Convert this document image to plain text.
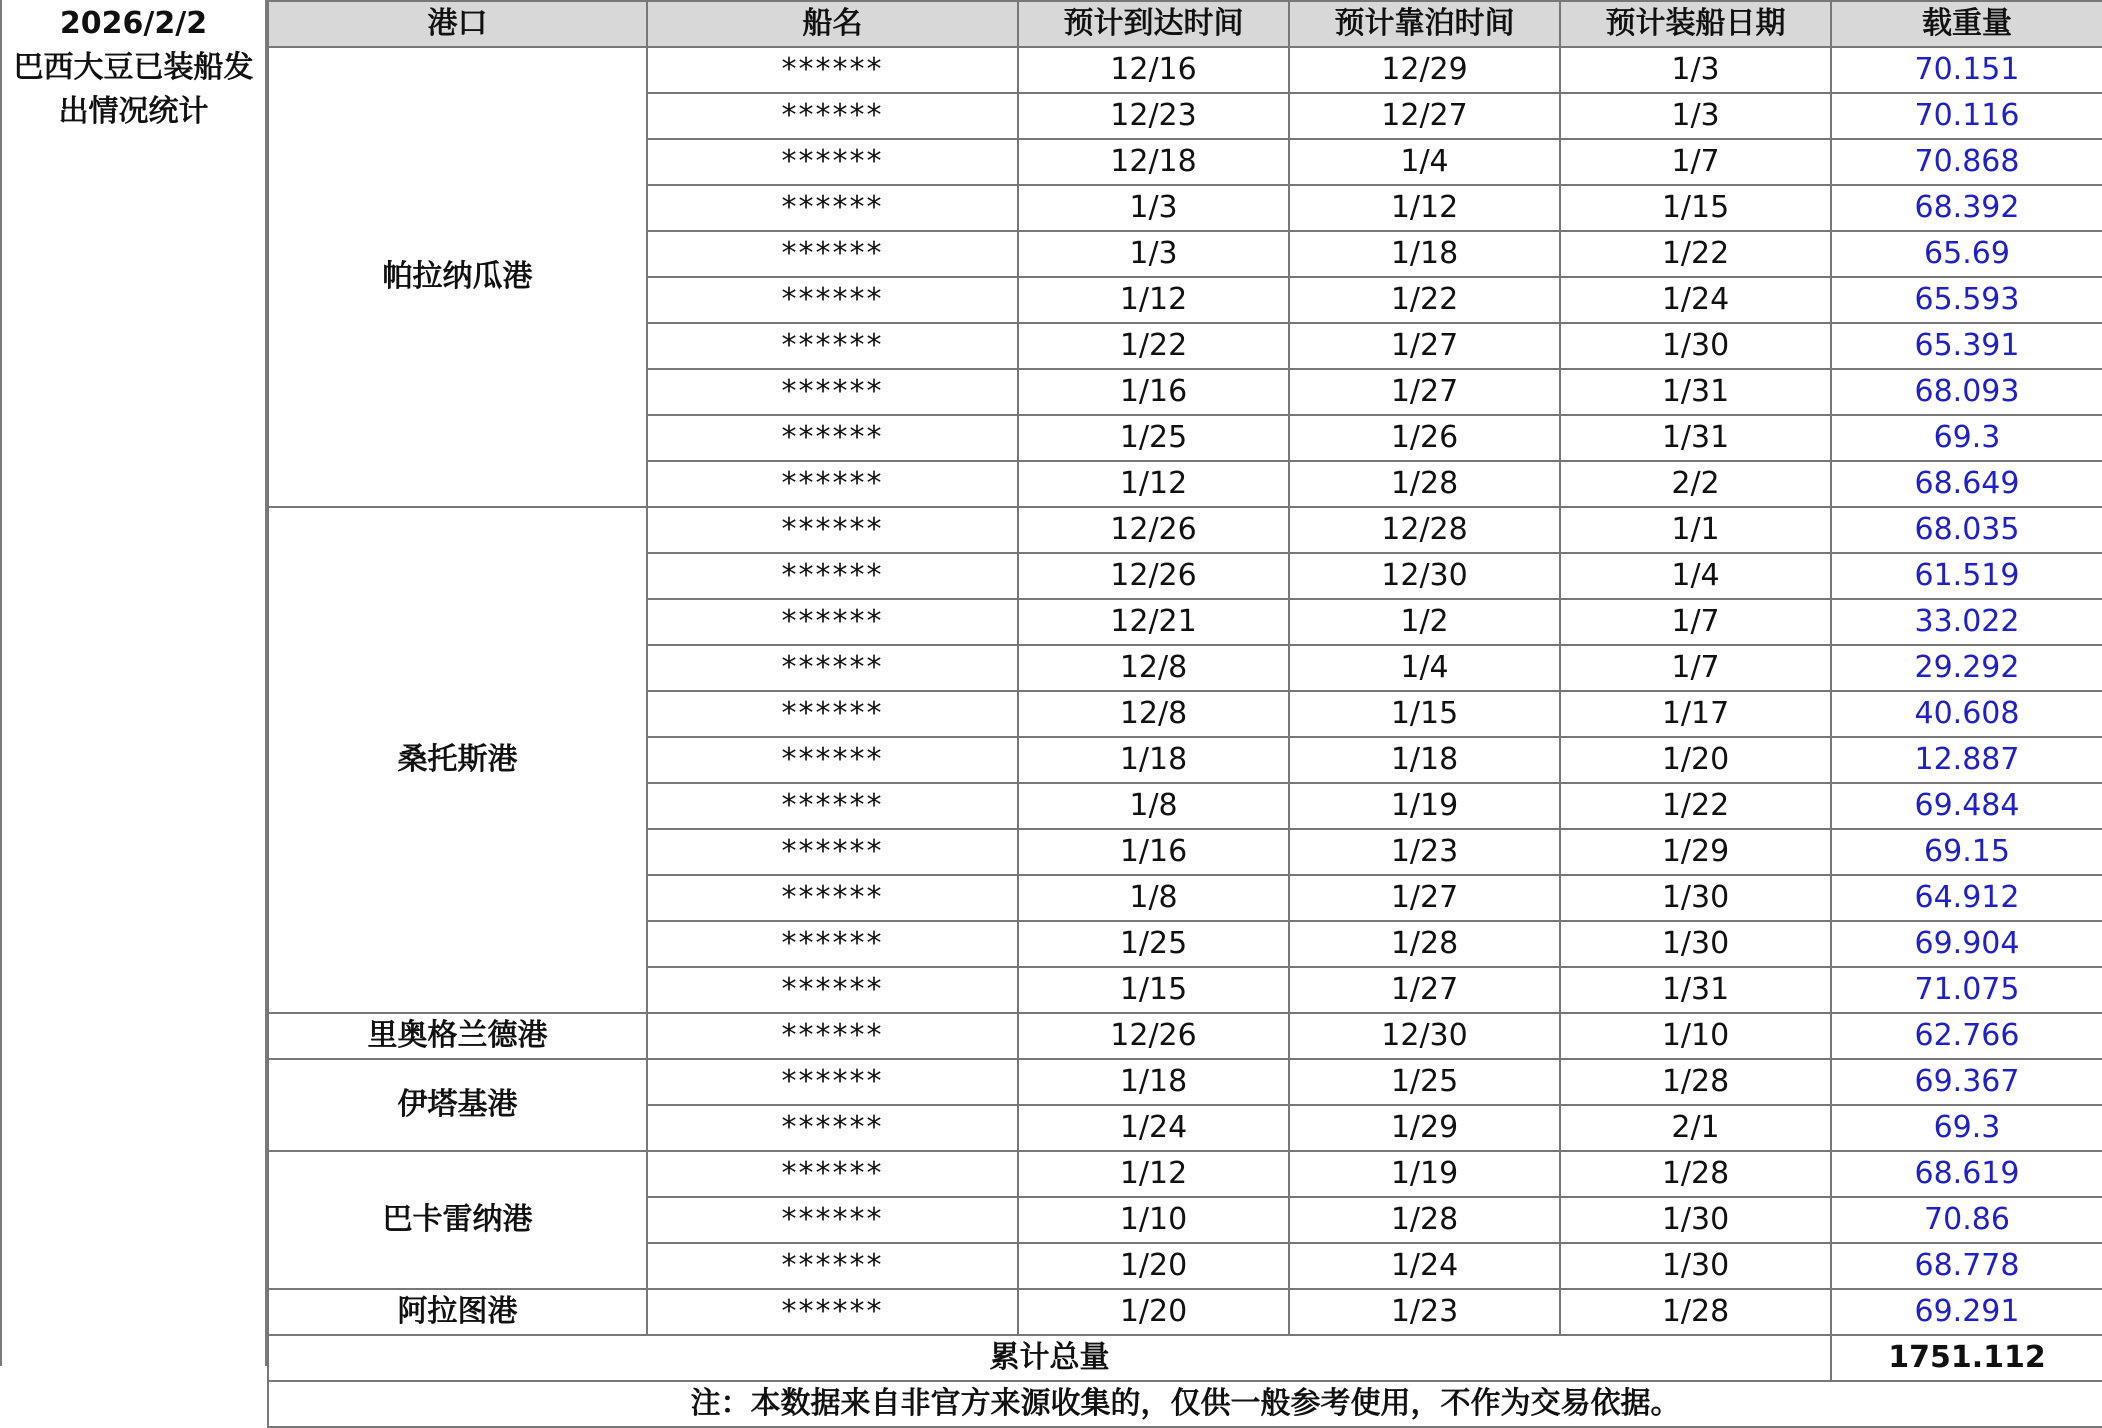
2026/2/2
巴西大豆已装船发
出情况统计
港口	船名	预计到达时间	预计靠泊时间	预计装船日期	载重量
帕拉纳瓜港	******	12/16	12/29	1/3	70.151
	******	12/23	12/27	1/3	70.116
	******	12/18	1/4	1/7	70.868
	******	1/3	1/12	1/15	68.392
	******	1/3	1/18	1/22	65.69
	******	1/12	1/22	1/24	65.593
	******	1/22	1/27	1/30	65.391
	******	1/16	1/27	1/31	68.093
	******	1/25	1/26	1/31	69.3
	******	1/12	1/28	2/2	68.649
桑托斯港	******	12/26	12/28	1/1	68.035
	******	12/26	12/30	1/4	61.519
	******	12/21	1/2	1/7	33.022
	******	12/8	1/4	1/7	29.292
	******	12/8	1/15	1/17	40.608
	******	1/18	1/18	1/20	12.887
	******	1/8	1/19	1/22	69.484
	******	1/16	1/23	1/29	69.15
	******	1/8	1/27	1/30	64.912
	******	1/25	1/28	1/30	69.904
	******	1/15	1/27	1/31	71.075
里奥格兰德港	******	12/26	12/30	1/10	62.766
伊塔基港	******	1/18	1/25	1/28	69.367
	******	1/24	1/29	2/1	69.3
巴卡雷纳港	******	1/12	1/19	1/28	68.619
	******	1/10	1/28	1/30	70.86
	******	1/20	1/24	1/30	68.778
阿拉图港	******	1/20	1/23	1/28	69.291
累计总量					1751.112
注：本数据来自非官方来源收集的，仅供一般参考使用，不作为交易依据。					
